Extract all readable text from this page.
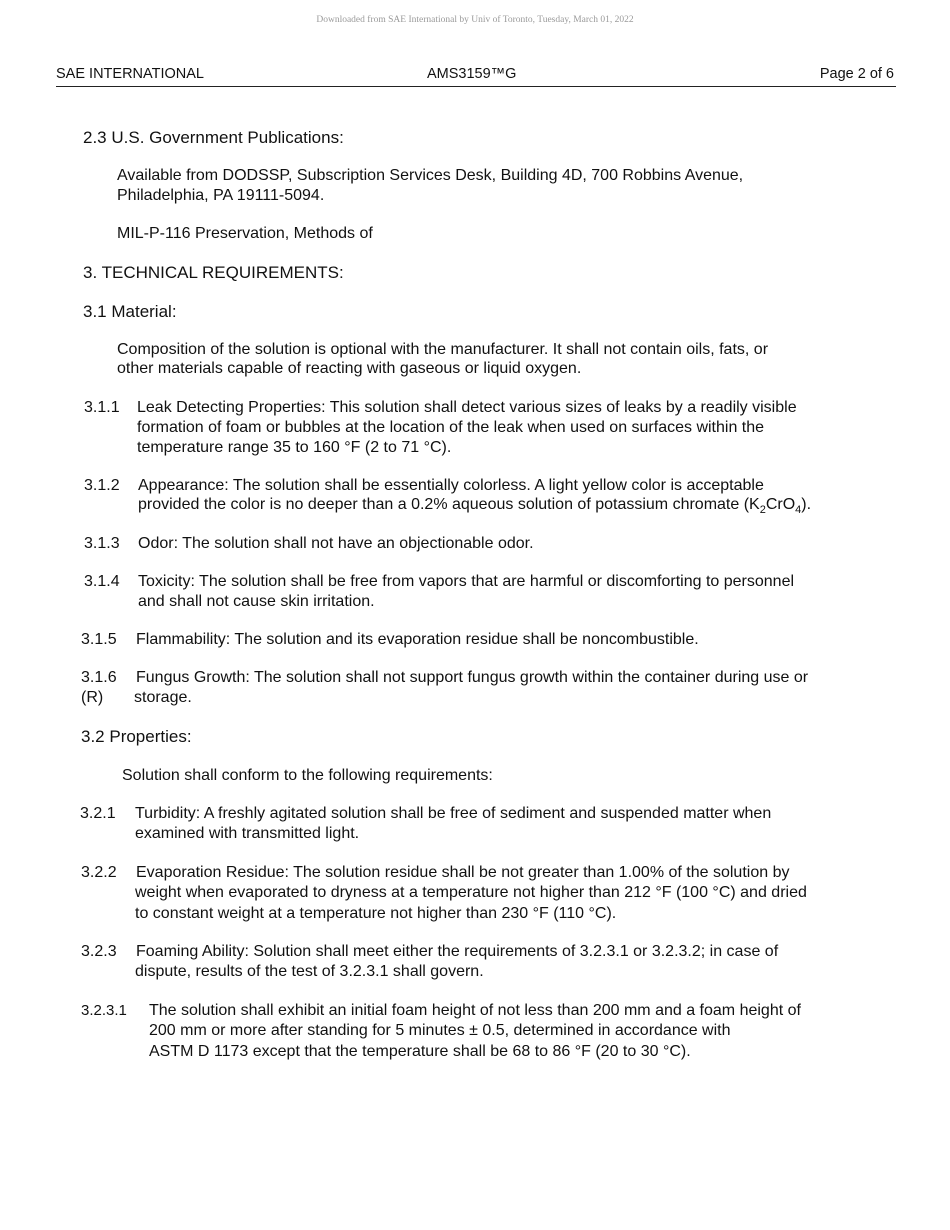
Downloaded from SAE International by Univ of Toronto, Tuesday, March 01, 2022
SAE INTERNATIONAL	AMS3159™G	Page 2 of 6
2.3 U.S. Government Publications:
Available from DODSSP, Subscription Services Desk, Building 4D, 700 Robbins Avenue,
Philadelphia, PA 19111-5094.
MIL-P-116 Preservation, Methods of
3. TECHNICAL REQUIREMENTS:
3.1 Material:
Composition of the solution is optional with the manufacturer. It shall not contain oils, fats, or
other materials capable of reacting with gaseous or liquid oxygen.
3.1.1 Leak Detecting Properties: This solution shall detect various sizes of leaks by a readily visible
formation of foam or bubbles at the location of the leak when used on surfaces within the
temperature range 35 to 160 °F (2 to 71 °C).
3.1.2 Appearance: The solution shall be essentially colorless. A light yellow color is acceptable
provided the color is no deeper than a 0.2% aqueous solution of potassium chromate $(K_2CrO_4)$.
3.1.3 Odor: The solution shall not have an objectionable odor.
3.1.4 Toxicity: The solution shall be free from vapors that are harmful or discomforting to personnel
and shall not cause skin irritation.
3.1.5 Flammability: The solution and its evaporation residue shall be noncombustible.
3.1.6
(R)
Fungus Growth: The solution shall not support fungus growth within the container during use or
storage.
3.2 Properties:
Solution shall conform to the following requirements:
3.2.1 Turbidity: A freshly agitated solution shall be free of sediment and suspended matter when
examined with transmitted light.
3.2.2 Evaporation Residue: The solution residue shall be not greater than 1.00% of the solution by
weight when evaporated to dryness at a temperature not higher than 212 °F (100 °C) and dried
to constant weight at a temperature not higher than 230 °F (110 °C).
3.2.3 Foaming Ability: Solution shall meet either the requirements of 3.2.3.1 or 3.2.3.2; in case of
dispute, results of the test of 3.2.3.1 shall govern.
3.2.3.1 The solution shall exhibit an initial foam height of not less than 200 mm and a foam height of
200 mm or more after standing for 5 minutes ± 0.5, determined in accordance with
ASTM D 1173 except that the temperature shall be 68 to 86 °F (20 to 30 °C).
